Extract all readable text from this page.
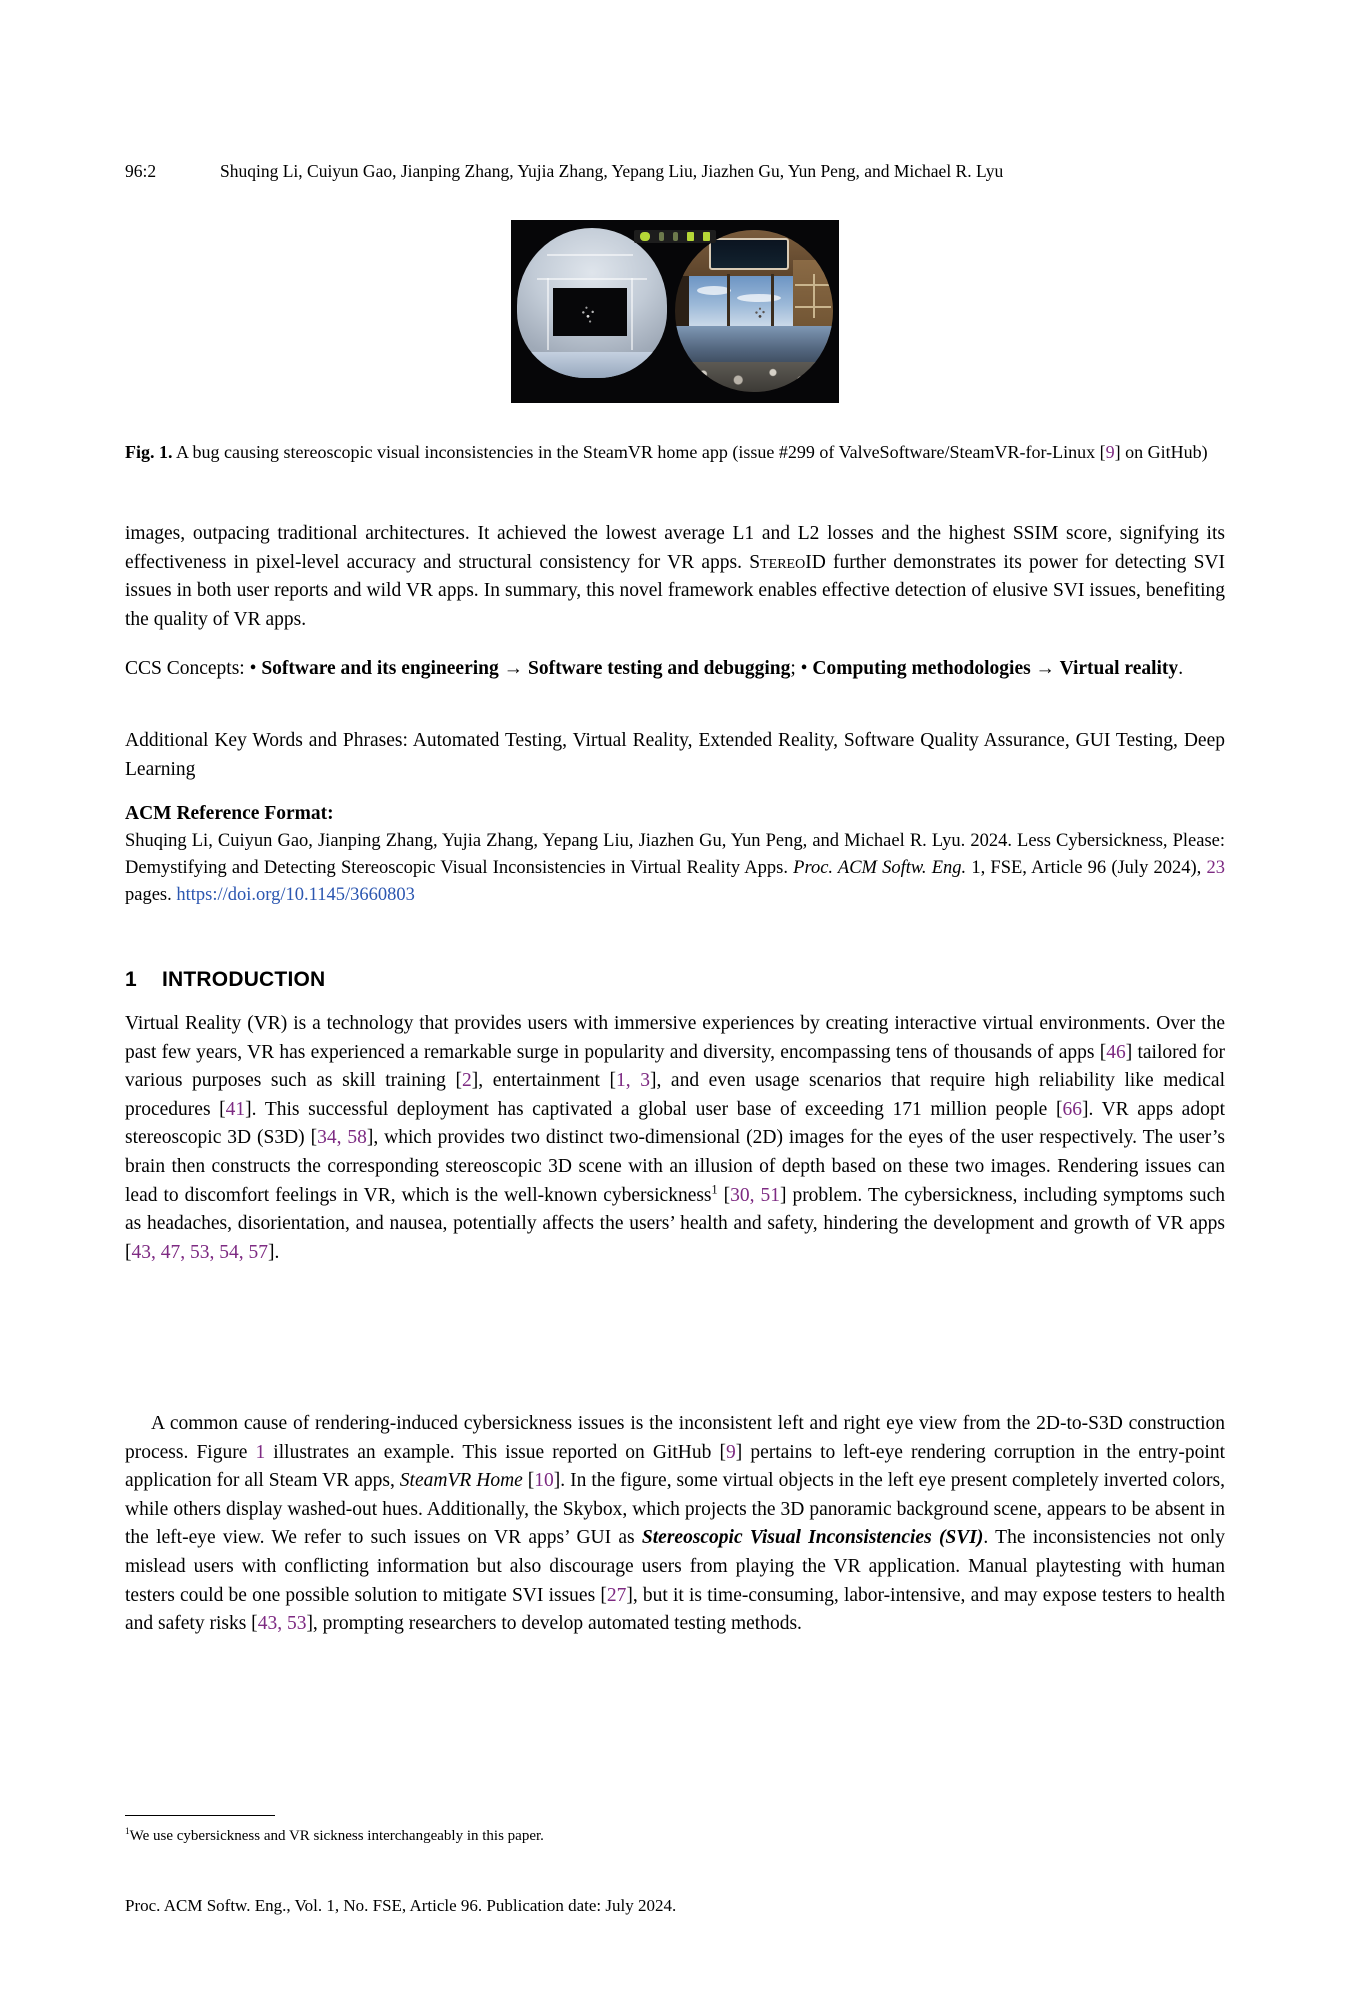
96:2	Shuqing Li, Cuiyun Gao, Jianping Zhang, Yujia Zhang, Yepang Liu, Jiazhen Gu, Yun Peng, and Michael R. Lyu
Fig. 1. A bug causing stereoscopic visual inconsistencies in the SteamVR home app (issue #299 of ValveSoftware/SteamVR-for-Linux [9] on GitHub)
images, outpacing traditional architectures. It achieved the lowest average L1 and L2 losses and the highest SSIM score, signifying its effectiveness in pixel-level accuracy and structural consistency for VR apps. StereoID further demonstrates its power for detecting SVI issues in both user reports and wild VR apps. In summary, this novel framework enables effective detection of elusive SVI issues, benefiting the quality of VR apps.
CCS Concepts: • Software and its engineering → Software testing and debugging; • Computing methodologies → Virtual reality.
Additional Key Words and Phrases: Automated Testing, Virtual Reality, Extended Reality, Software Quality Assurance, GUI Testing, Deep Learning
ACM Reference Format:
Shuqing Li, Cuiyun Gao, Jianping Zhang, Yujia Zhang, Yepang Liu, Jiazhen Gu, Yun Peng, and Michael R. Lyu. 2024. Less Cybersickness, Please: Demystifying and Detecting Stereoscopic Visual Inconsistencies in Virtual Reality Apps. Proc. ACM Softw. Eng. 1, FSE, Article 96 (July 2024), 23 pages. https://doi.org/10.1145/3660803
1 INTRODUCTION
Virtual Reality (VR) is a technology that provides users with immersive experiences by creating interactive virtual environments. Over the past few years, VR has experienced a remarkable surge in popularity and diversity, encompassing tens of thousands of apps [46] tailored for various purposes such as skill training [2], entertainment [1, 3], and even usage scenarios that require high reliability like medical procedures [41]. This successful deployment has captivated a global user base of exceeding 171 million people [66]. VR apps adopt stereoscopic 3D (S3D) [34, 58], which provides two distinct two-dimensional (2D) images for the eyes of the user respectively. The user’s brain then constructs the corresponding stereoscopic 3D scene with an illusion of depth based on these two images. Rendering issues can lead to discomfort feelings in VR, which is the well-known cybersickness$^1$ [30, 51] problem. The cybersickness, including symptoms such as headaches, disorientation, and nausea, potentially affects the users’ health and safety, hindering the development and growth of VR apps [43, 47, 53, 54, 57].
A common cause of rendering-induced cybersickness issues is the inconsistent left and right eye view from the 2D-to-S3D construction process. Figure 1 illustrates an example. This issue reported on GitHub [9] pertains to left-eye rendering corruption in the entry-point application for all Steam VR apps, SteamVR Home [10]. In the figure, some virtual objects in the left eye present completely inverted colors, while others display washed-out hues. Additionally, the Skybox, which projects the 3D panoramic background scene, appears to be absent in the left-eye view. We refer to such issues on VR apps’ GUI as Stereoscopic Visual Inconsistencies (SVI). The inconsistencies not only mislead users with conflicting information but also discourage users from playing the VR application. Manual playtesting with human testers could be one possible solution to mitigate SVI issues [27], but it is time-consuming, labor-intensive, and may expose testers to health and safety risks [43, 53], prompting researchers to develop automated testing methods.
$^1$We use cybersickness and VR sickness interchangeably in this paper.
Proc. ACM Softw. Eng., Vol. 1, No. FSE, Article 96. Publication date: July 2024.
